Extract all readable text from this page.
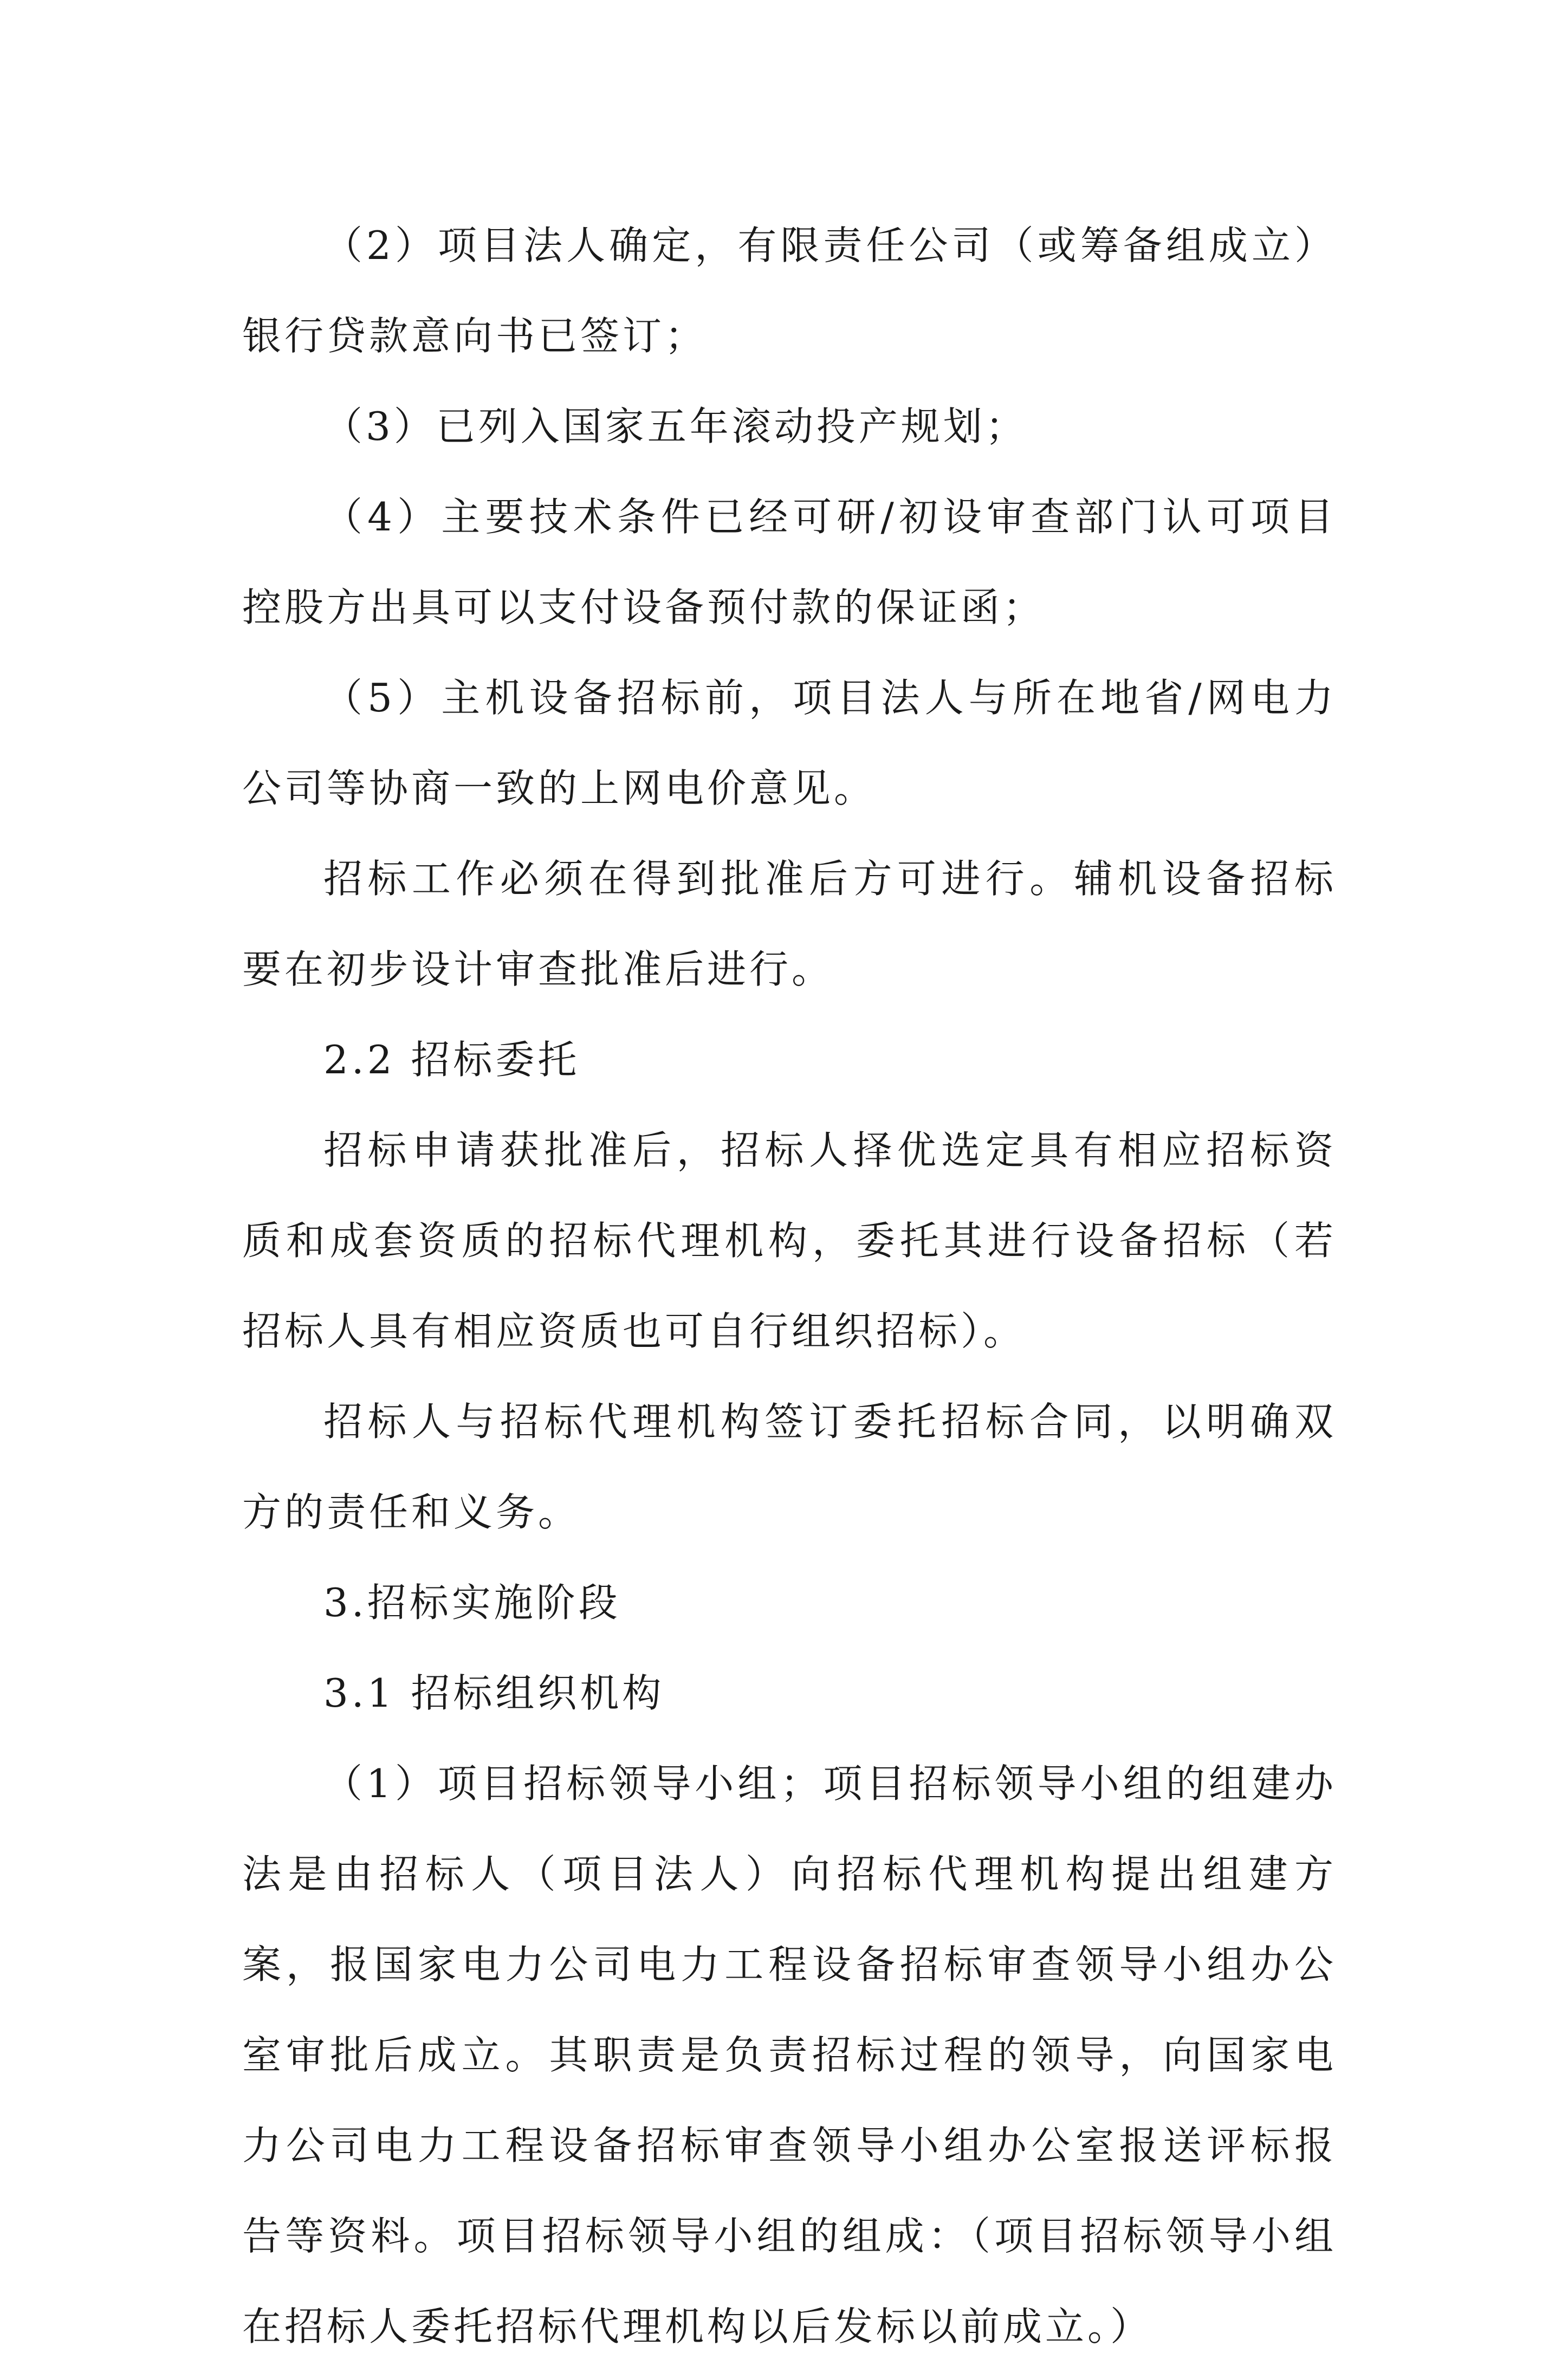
（2）项目法人确定，有限责任公司（或筹备组成立）银行贷款意向书已签订；

（3）已列入国家五年滚动投产规划；

（4）主要技术条件已经可研/初设审查部门认可项目控股方出具可以支付设备预付款的保证函；

（5）主机设备招标前，项目法人与所在地省/网电力公司等协商一致的上网电价意见。

招标工作必须在得到批准后方可进行。辅机设备招标要在初步设计审查批准后进行。

2.2 招标委托

招标申请获批准后，招标人择优选定具有相应招标资质和成套资质的招标代理机构，委托其进行设备招标（若招标人具有相应资质也可自行组织招标）。

招标人与招标代理机构签订委托招标合同，以明确双方的责任和义务。

3.招标实施阶段

3.1 招标组织机构

（1）项目招标领导小组；项目招标领导小组的组建办法是由招标人（项目法人）向招标代理机构提出组建方案，报国家电力公司电力工程设备招标审查领导小组办公室审批后成立。其职责是负责招标过程的领导，向国家电力公司电力工程设备招标审查领导小组办公室报送评标报告等资料。项目招标领导小组的组成：（项目招标领导小组在招标人委托招标代理机构以后发标以前成立。）
